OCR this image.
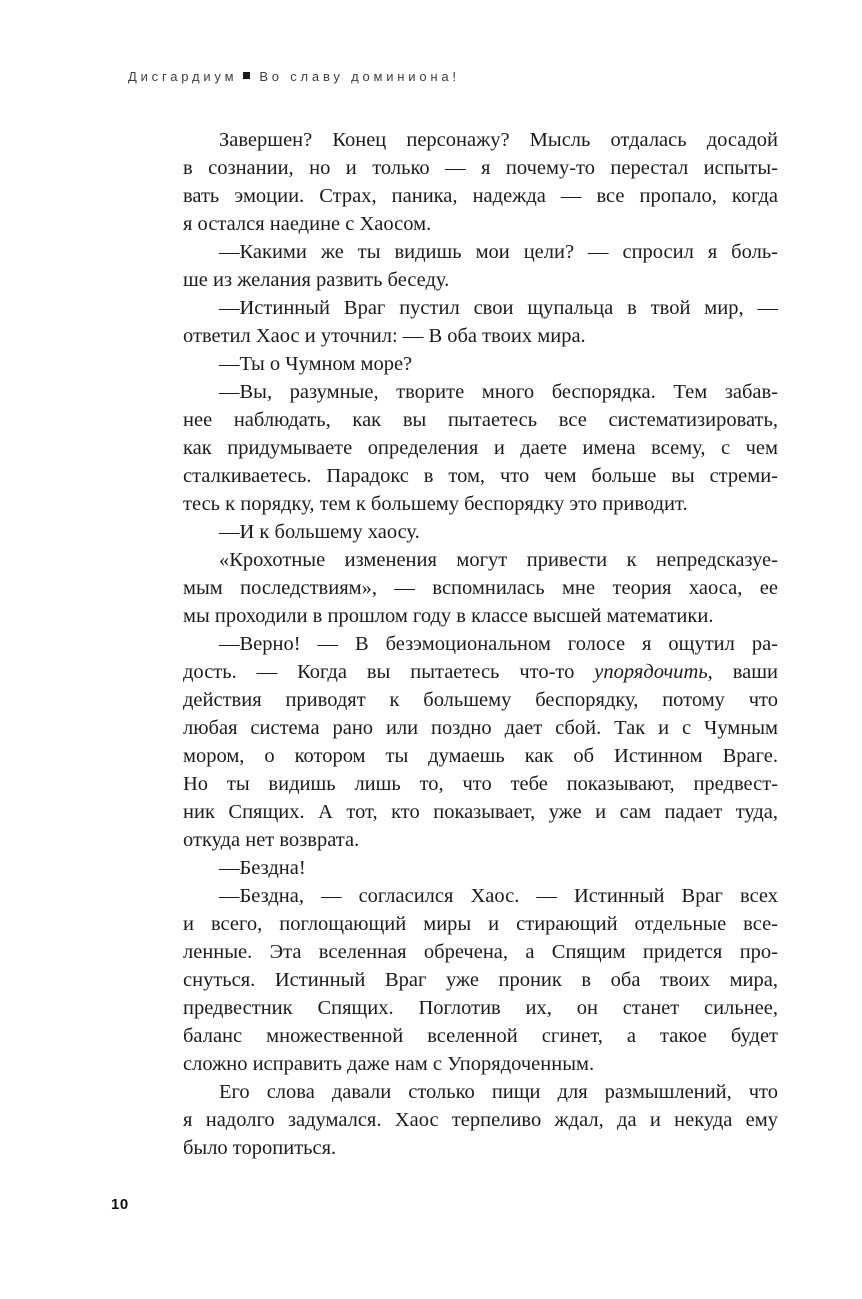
Дисгардиум Во славу доминиона!
Завершен? Конец персонажу? Мысль отдалась досадой
в сознании, но и только — я почему-то перестал испыты-
вать эмоции. Страх, паника, надежда — все пропало, когда
я остался наедине с Хаосом.
—Какими же ты видишь мои цели? — спросил я боль-
ше из желания развить беседу.
—Истинный Враг пустил свои щупальца в твой мир, —
ответил Хаос и уточнил: — В оба твоих мира.
—Ты о Чумном море?
—Вы, разумные, творите много беспорядка. Тем забав-
нее наблюдать, как вы пытаетесь все систематизировать,
как придумываете определения и даете имена всему, с чем
сталкиваетесь. Парадокс в том, что чем больше вы стреми-
тесь к порядку, тем к большему беспорядку это приводит.
—И к большему хаосу.
«Крохотные изменения могут привести к непредсказуе-
мым последствиям», — вспомнилась мне теория хаоса, ее
мы проходили в прошлом году в классе высшей математики.
—Верно! — В безэмоциональном голосе я ощутил ра-
дость. — Когда вы пытаетесь что-то упорядочить, ваши
действия приводят к большему беспорядку, потому что
любая система рано или поздно дает сбой. Так и с Чумным
мором, о котором ты думаешь как об Истинном Враге.
Но ты видишь лишь то, что тебе показывают, предвест-
ник Спящих. А тот, кто показывает, уже и сам падает туда,
откуда нет возврата.
—Бездна!
—Бездна, — согласился Хаос. — Истинный Враг всех
и всего, поглощающий миры и стирающий отдельные все-
ленные. Эта вселенная обречена, а Спящим придется про-
снуться. Истинный Враг уже проник в оба твоих мира,
предвестник Спящих. Поглотив их, он станет сильнее,
баланс множественной вселенной сгинет, а такое будет
сложно исправить даже нам с Упорядоченным.
Его слова давали столько пищи для размышлений, что
я надолго задумался. Хаос терпеливо ждал, да и некуда ему
было торопиться.
10
